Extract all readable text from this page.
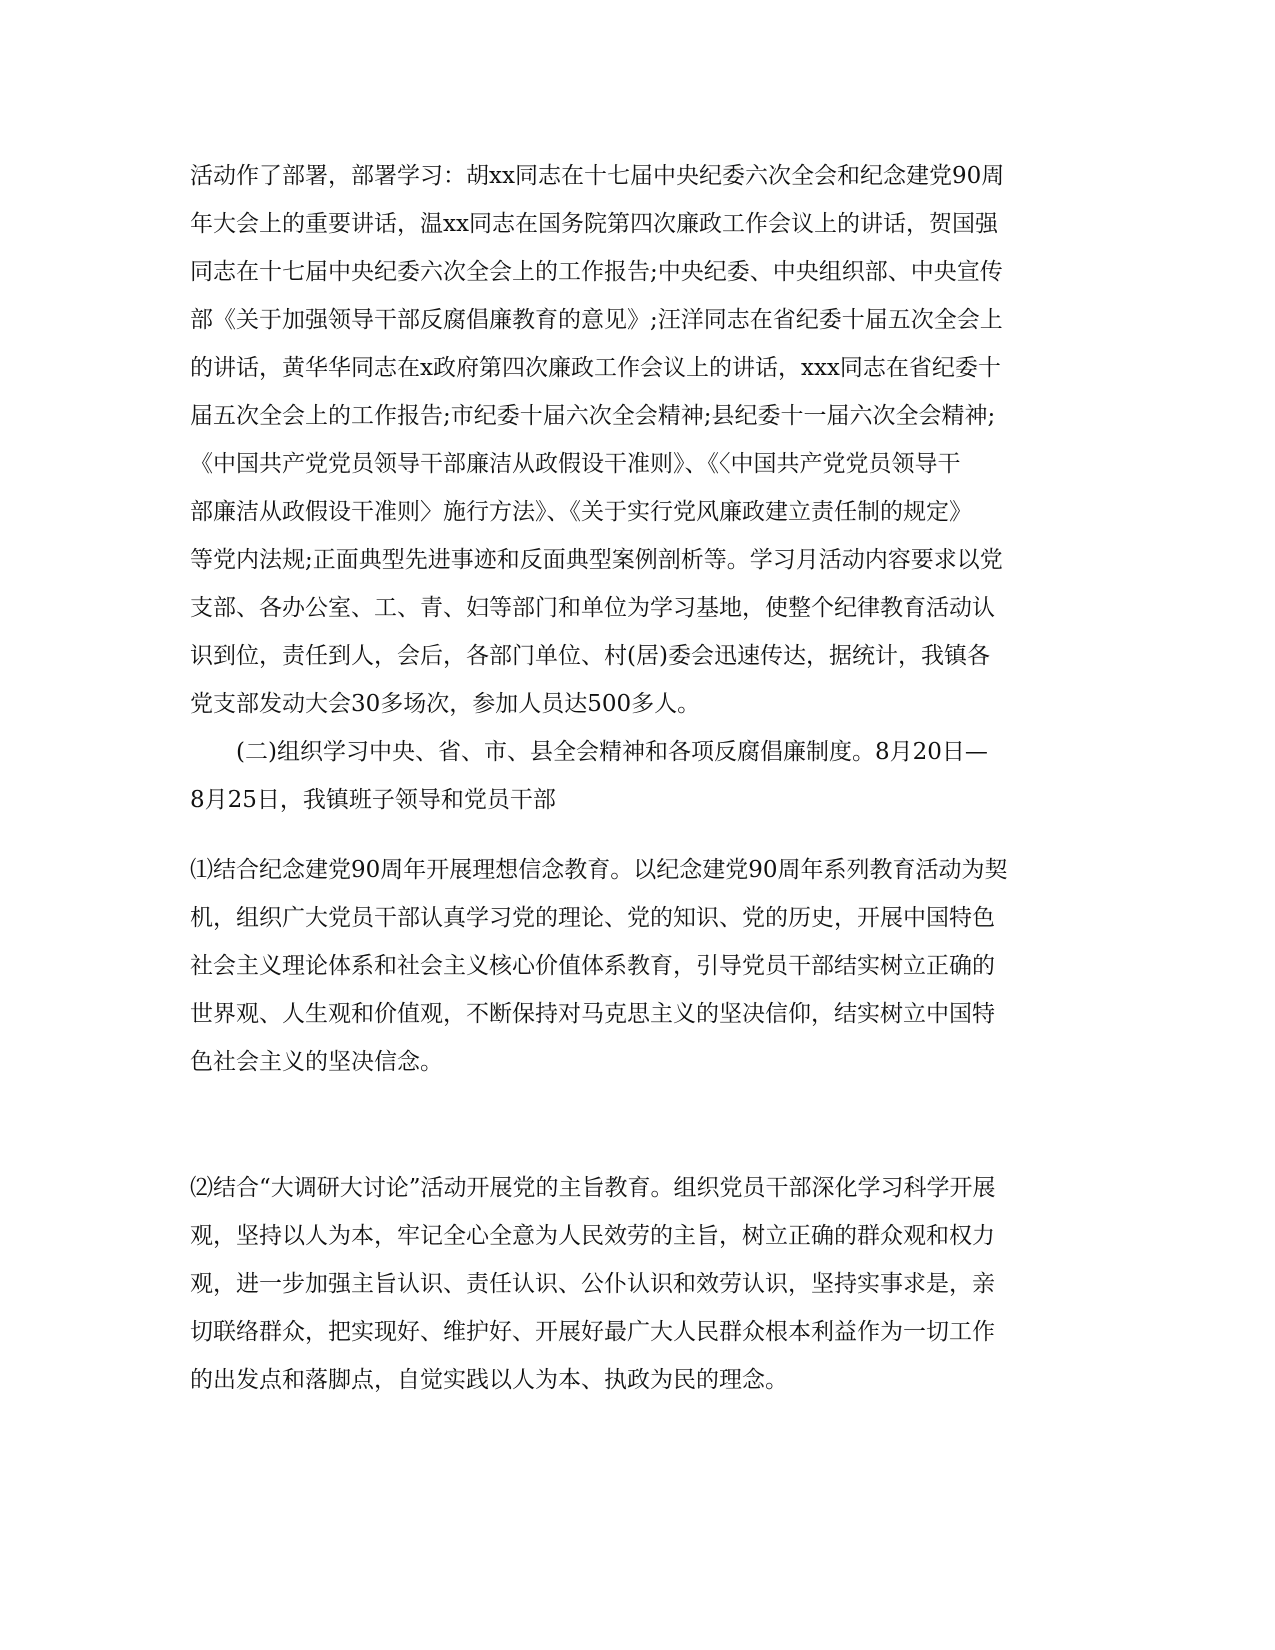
活动作了部署，部署学习：胡xx同志在十七届中央纪委六次全会和纪念建党90周
年大会上的重要讲话，温xx同志在国务院第四次廉政工作会议上的讲话，贺国强
同志在十七届中央纪委六次全会上的工作报告;中央纪委、中央组织部、中央宣传
部《关于加强领导干部反腐倡廉教育的意见》;汪洋同志在省纪委十届五次全会上
的讲话，黄华华同志在x政府第四次廉政工作会议上的讲话，xxx同志在省纪委十
届五次全会上的工作报告;市纪委十届六次全会精神;县纪委十一届六次全会精神;
《中国共产党党员领导干部廉洁从政假设干准则》、《〈中国共产党党员领导干
部廉洁从政假设干准则〉施行方法》、《关于实行党风廉政建立责任制的规定》
等党内法规;正面典型先进事迹和反面典型案例剖析等。学习月活动内容要求以党
支部、各办公室、工、青、妇等部门和单位为学习基地，使整个纪律教育活动认
识到位，责任到人，会后，各部门单位、村(居)委会迅速传达，据统计，我镇各
党支部发动大会30多场次，参加人员达500多人。
(二)组织学习中央、省、市、县全会精神和各项反腐倡廉制度。8月20日—
8月25日，我镇班子领导和党员干部
⑴结合纪念建党90周年开展理想信念教育。以纪念建党90周年系列教育活动为契
机，组织广大党员干部认真学习党的理论、党的知识、党的历史，开展中国特色
社会主义理论体系和社会主义核心价值体系教育，引导党员干部结实树立正确的
世界观、人生观和价值观，不断保持对马克思主义的坚决信仰，结实树立中国特
色社会主义的坚决信念。
⑵结合“大调研大讨论”活动开展党的主旨教育。组织党员干部深化学习科学开展
观，坚持以人为本，牢记全心全意为人民效劳的主旨，树立正确的群众观和权力
观，进一步加强主旨认识、责任认识、公仆认识和效劳认识，坚持实事求是，亲
切联络群众，把实现好、维护好、开展好最广大人民群众根本利益作为一切工作
的出发点和落脚点，自觉实践以人为本、执政为民的理念。
